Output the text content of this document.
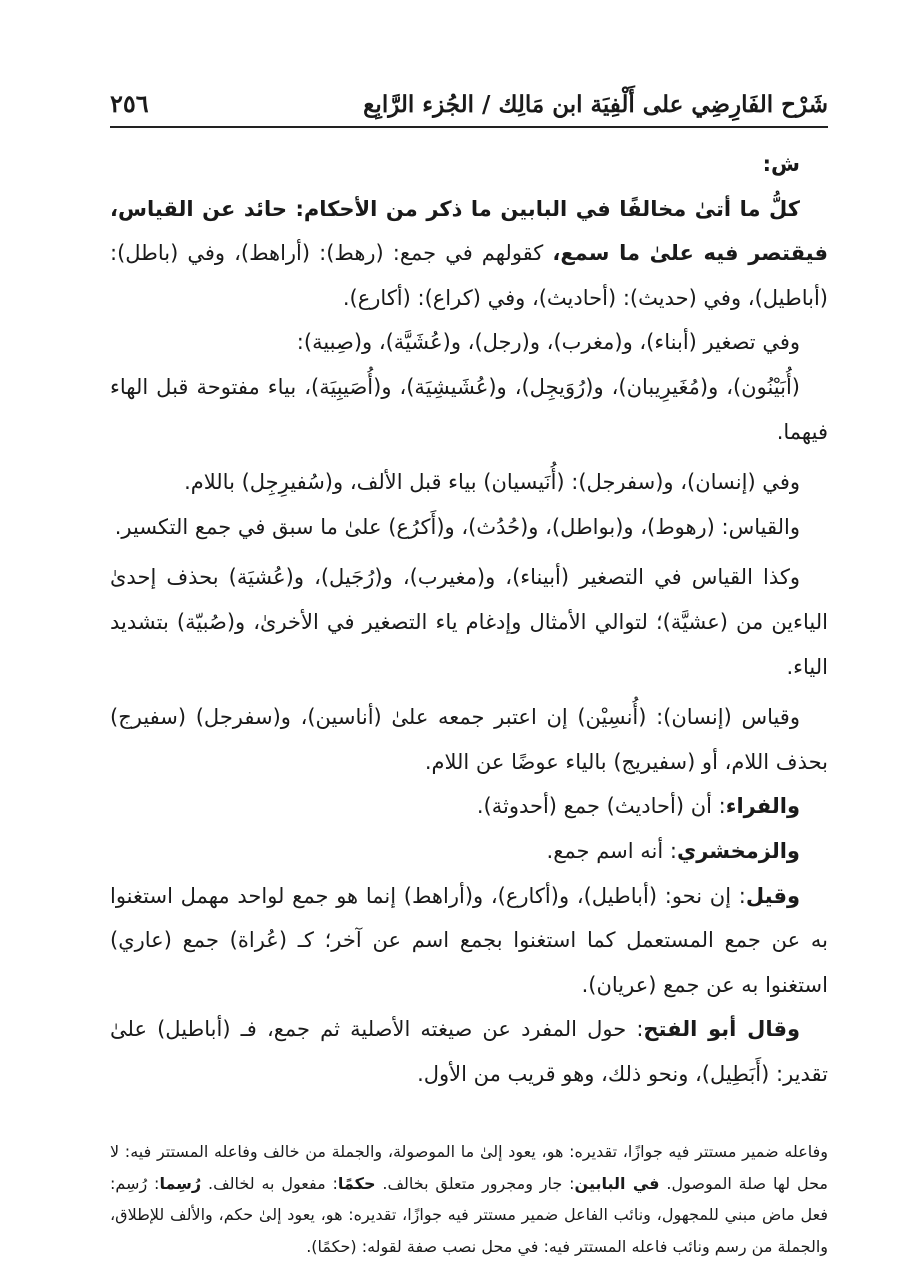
شَرْح الفَارِضِي على أَلْفِيَة ابن مَالِك / الجُزء الرَّابِع
٢٥٦

ش:

كلُّ ما أتىٰ مخالفًا في البابين ما ذكر من الأحكام: حائد عن القياس، فيقتصر فيه علىٰ ما سمع، كقولهم في جمع: (رهط): (أراهط)، وفي (باطل): (أباطيل)، وفي (حديث): (أحاديث)، وفي (كراع): (أكارع).

وفي تصغير (أبناء)، و(مغرب)، و(رجل)، و(عُشَيَّة)، و(صِبية):

(أُبَيْنُون)، و(مُغَيرِيبان)، و(رُوَيجِل)، و(عُشَيشِيَة)، و(أُصَيبِيَة)، بياء مفتوحة قبل الهاء فيهما.

وفي (إنسان)، و(سفرجل): (أُنَيسيان) بياء قبل الألف، و(سُفيرِجِل) باللام.

والقياس: (رهوط)، و(بواطل)، و(حُدُث)، و(أَكرُع) علىٰ ما سبق في جمع التكسير.

وكذا القياس في التصغير (أبيناء)، و(مغيرب)، و(رُجَيل)، و(عُشيَة) بحذف إحدىٰ الياءين من (عشيَّة)؛ لتوالي الأمثال وإدغام ياء التصغير في الأخرىٰ، و(صُبيّة) بتشديد الياء.

وقياس (إنسان): (أُنسِيْن) إن اعتبر جمعه علىٰ (أناسين)، و(سفرجل) (سفيرج) بحذف اللام، أو (سفيريج) بالياء عوضًا عن اللام.

والفراء: أن (أحاديث) جمع (أحدوثة).

والزمخشري: أنه اسم جمع.

وقيل: إن نحو: (أباطيل)، و(أكارع)، و(أراهط) إنما هو جمع لواحد مهمل استغنوا به عن جمع المستعمل كما استغنوا بجمع اسم عن آخر؛ كـ (عُراة) جمع (عاري) استغنوا به عن جمع (عريان).

وقال أبو الفتح: حول المفرد عن صيغته الأصلية ثم جمع، فـ (أباطيل) علىٰ تقدير: (أَبَطِيل)، ونحو ذلك، وهو قريب من الأول.

وفاعله ضمير مستتر فيه جوازًا، تقديره: هو، يعود إلىٰ ما الموصولة، والجملة من خالف وفاعله المستتر فيه: لا محل لها صلة الموصول. في البابين: جار ومجرور متعلق بخالف. حكمًا: مفعول به لخالف. رُسِما: رُسِم: فعل ماض مبني للمجهول، ونائب الفاعل ضمير مستتر فيه جوازًا، تقديره: هو، يعود إلىٰ حكم، والألف للإطلاق، والجملة من رسم ونائب فاعله المستتر فيه: في محل نصب صفة لقوله: (حكمًا).
